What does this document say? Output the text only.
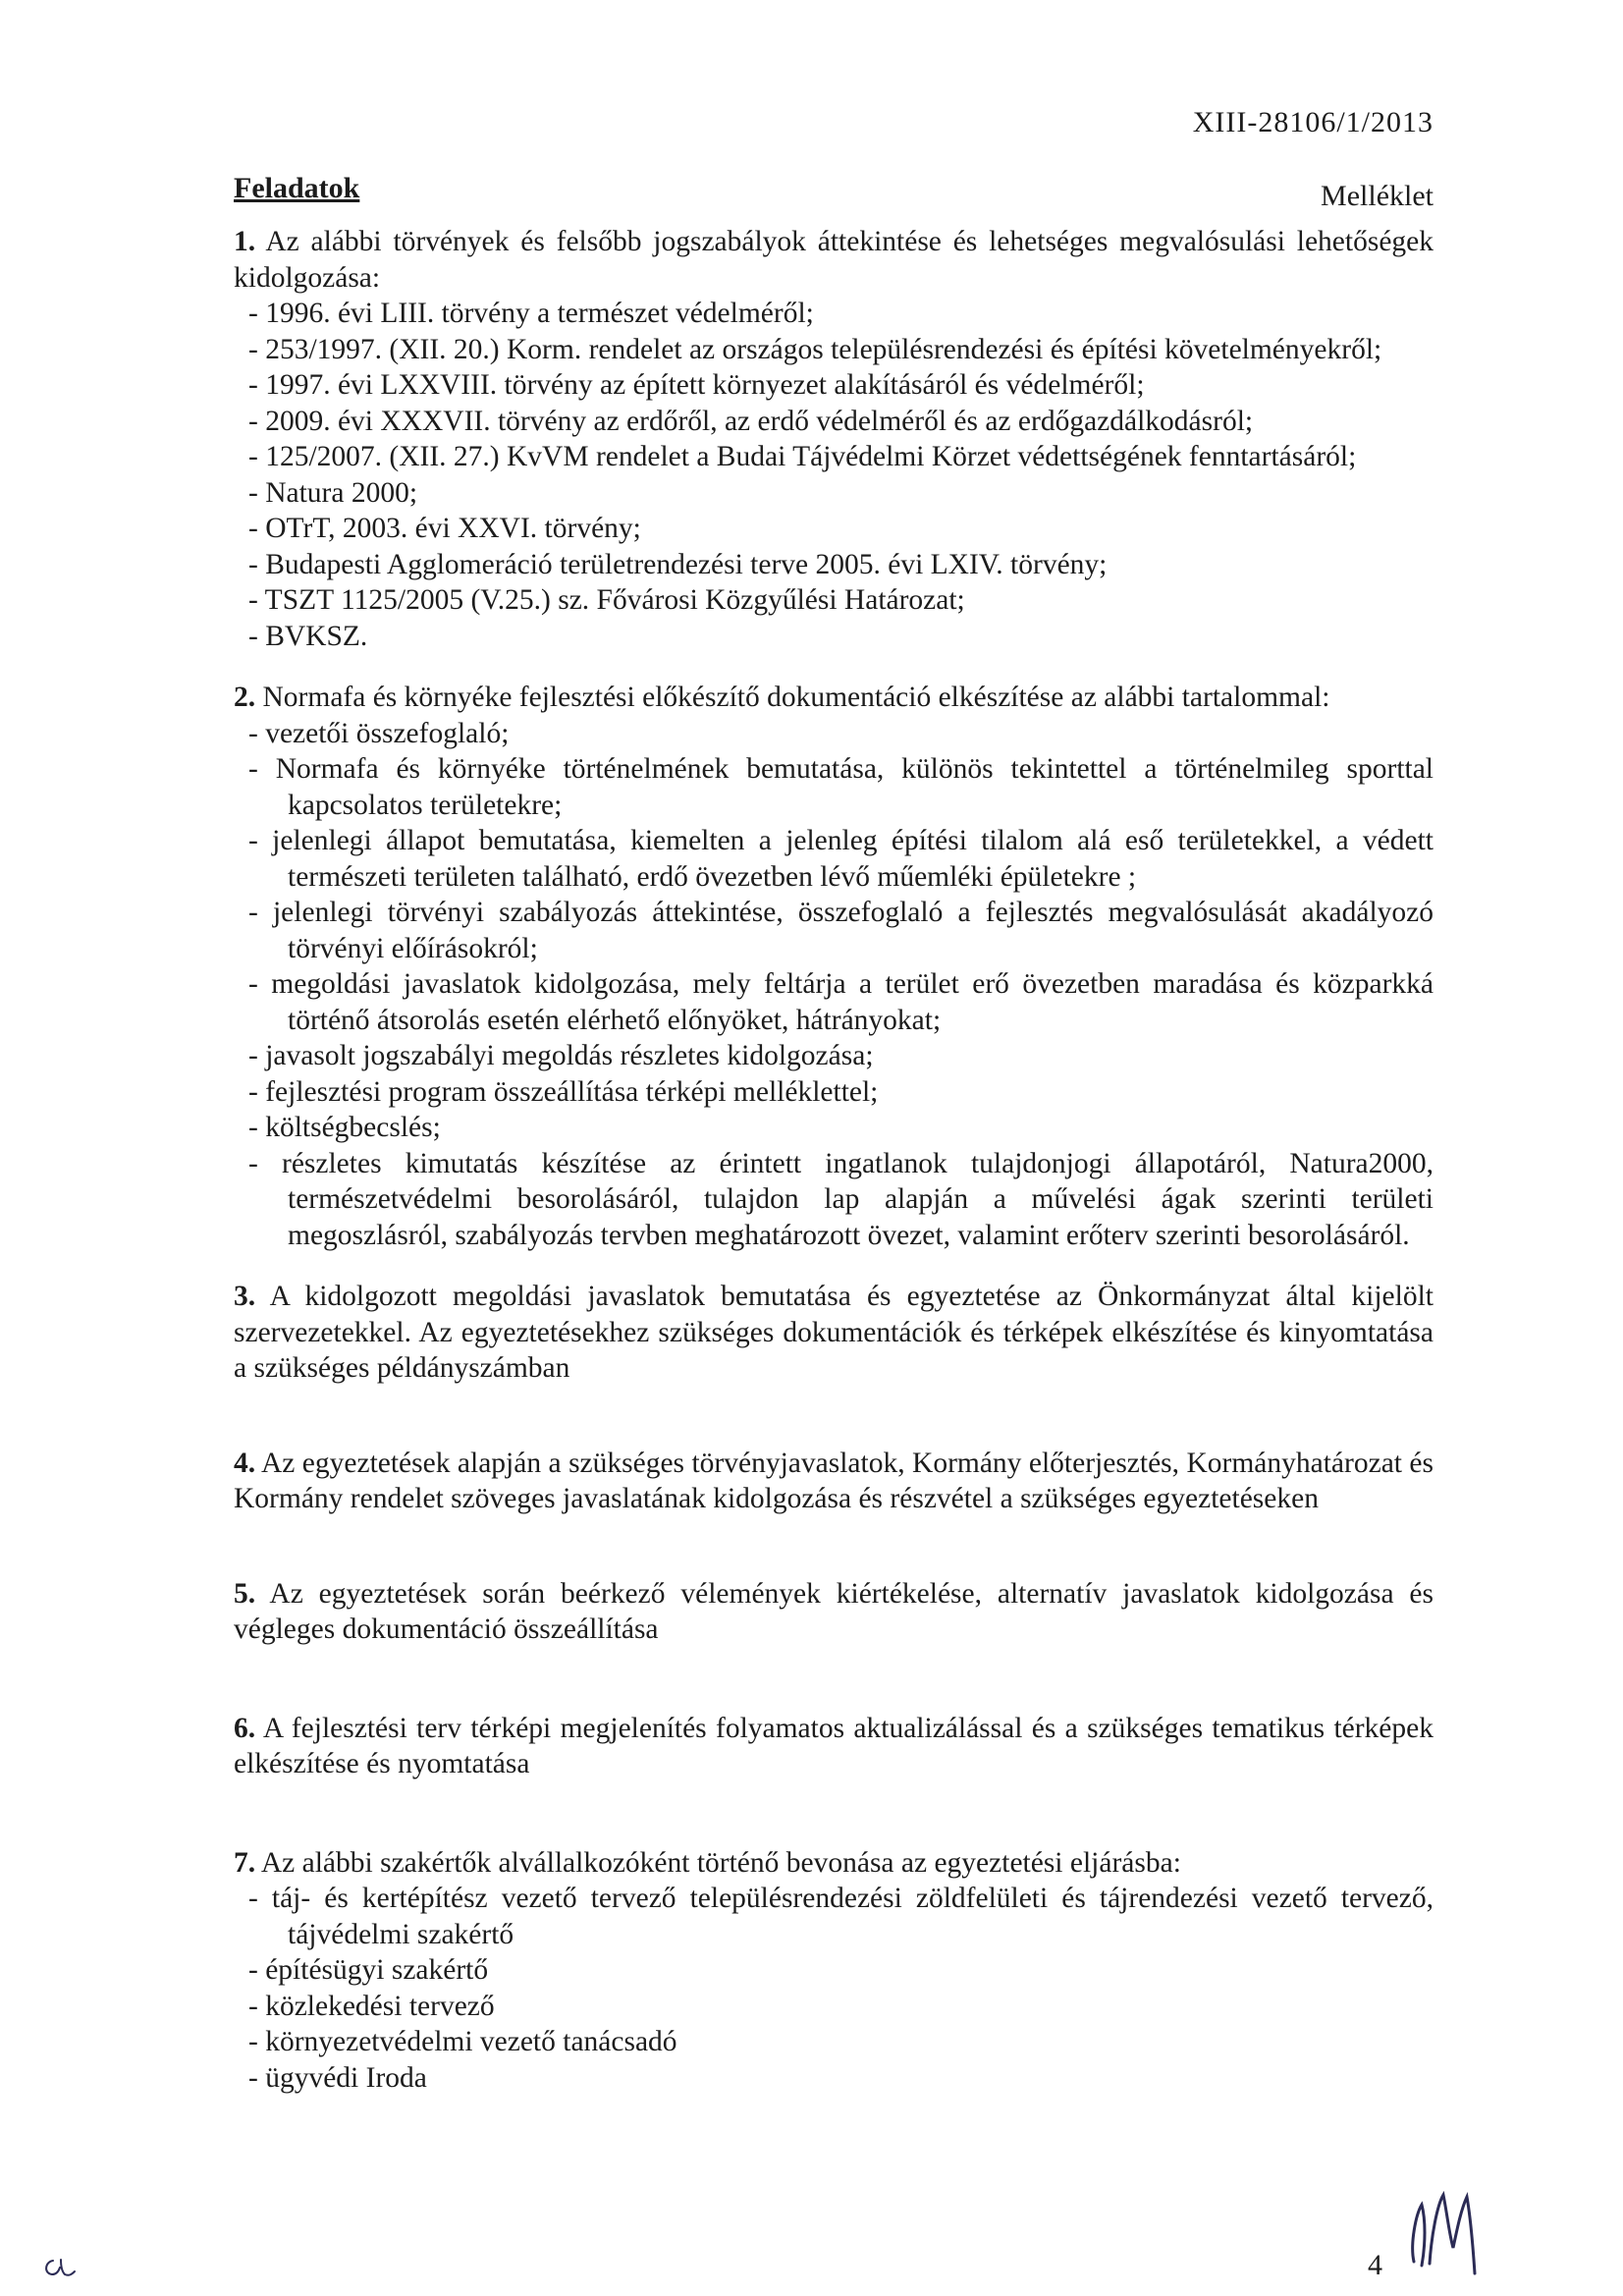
XIII-28106/1/2013
Feladatok	Melléklet
1. Az alábbi törvények és felsőbb jogszabályok áttekintése és lehetséges megvalósulási lehetőségek kidolgozása:
- 1996. évi LIII. törvény a természet védelméről;
- 253/1997. (XII. 20.) Korm. rendelet az országos településrendezési és építési követelményekről;
- 1997. évi LXXVIII. törvény az épített környezet alakításáról és védelméről;
- 2009. évi XXXVII. törvény az erdőről, az erdő védelméről és az erdőgazdálkodásról;
- 125/2007. (XII. 27.) KvVM rendelet a Budai Tájvédelmi Körzet védettségének fenntartásáról;
- Natura 2000;
- OTrT, 2003. évi XXVI. törvény;
- Budapesti Agglomeráció területrendezési terve 2005. évi LXIV. törvény;
- TSZT 1125/2005 (V.25.) sz. Fővárosi Közgyűlési Határozat;
- BVKSZ.
2. Normafa és környéke fejlesztési előkészítő dokumentáció elkészítése az alábbi tartalommal:
- vezetői összefoglaló;
- Normafa és környéke történelmének bemutatása, különös tekintettel a történelmileg sporttal kapcsolatos területekre;
- jelenlegi állapot bemutatása, kiemelten a jelenleg építési tilalom alá eső területekkel, a védett természeti területen található, erdő övezetben lévő műemléki épületekre ;
- jelenlegi törvényi szabályozás áttekintése, összefoglaló a fejlesztés megvalósulását akadályozó törvényi előírásokról;
- megoldási javaslatok kidolgozása, mely feltárja a terület erő övezetben maradása és közparkká történő átsorolás esetén elérhető előnyöket, hátrányokat;
- javasolt jogszabályi megoldás részletes kidolgozása;
- fejlesztési program összeállítása térképi melléklettel;
- költségbecslés;
- részletes kimutatás készítése az érintett ingatlanok tulajdonjogi állapotáról, Natura2000, természetvédelmi besorolásáról, tulajdon lap alapján a művelési ágak szerinti területi megoszlásról, szabályozás tervben meghatározott övezet, valamint erőterv szerinti besorolásáról.
3. A kidolgozott megoldási javaslatok bemutatása és egyeztetése az Önkormányzat által kijelölt szervezetekkel. Az egyeztetésekhez szükséges dokumentációk és térképek elkészítése és kinyomtatása a szükséges példányszámban
4. Az egyeztetések alapján a szükséges törvényjavaslatok, Kormány előterjesztés, Kormányhatározat és Kormány rendelet szöveges javaslatának kidolgozása és részvétel a szükséges egyeztetéseken
5. Az egyeztetések során beérkező vélemények kiértékelése, alternatív javaslatok kidolgozása és végleges dokumentáció összeállítása
6. A fejlesztési terv térképi megjelenítés folyamatos aktualizálással és a szükséges tematikus térképek elkészítése és nyomtatása
7. Az alábbi szakértők alvállalkozóként történő bevonása az egyeztetési eljárásba:
- táj- és kertépítész vezető tervező településrendezési zöldfelületi és tájrendezési vezető tervező, tájvédelmi szakértő
- építésügyi szakértő
- közlekedési tervező
- környezetvédelmi vezető tanácsadó
- ügyvédi Iroda
4
